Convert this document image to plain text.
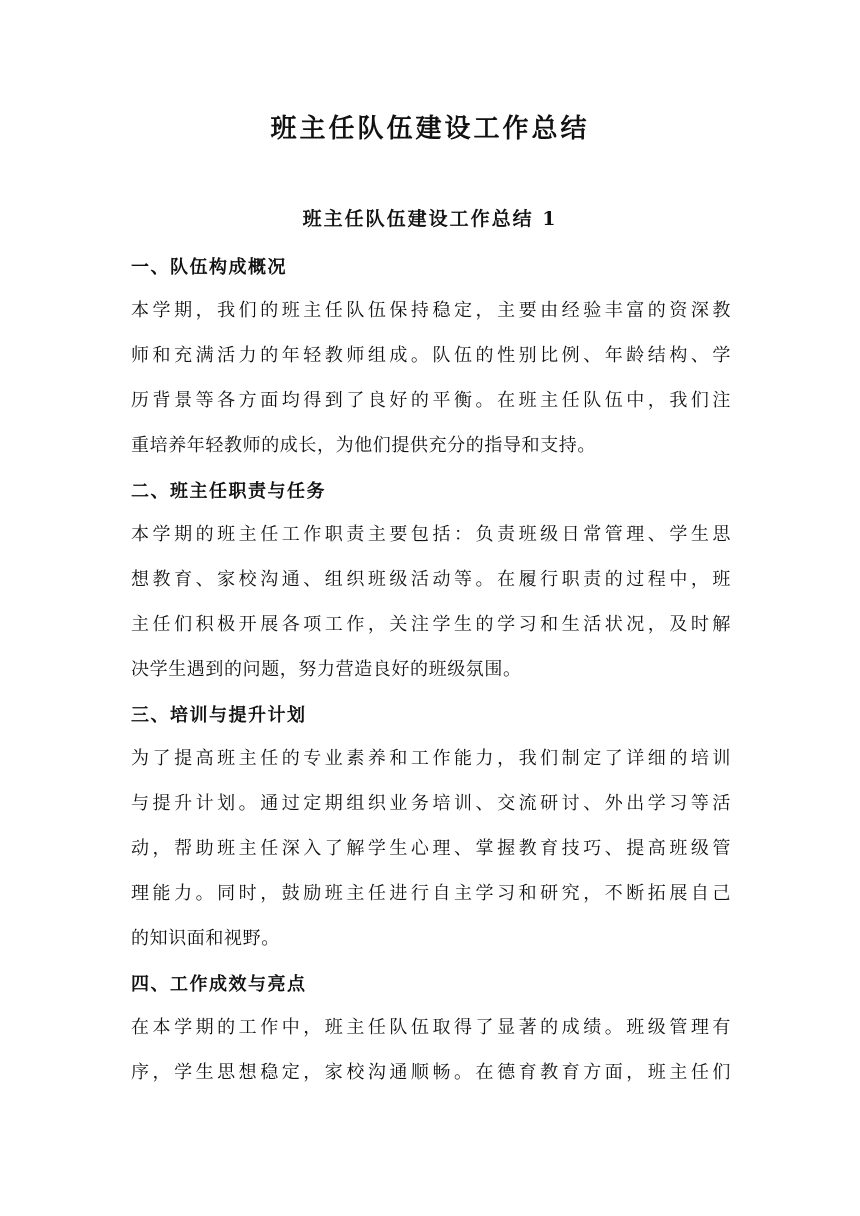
班主任队伍建设工作总结
班主任队伍建设工作总结 1
一、队伍构成概况
本学期，我们的班主任队伍保持稳定，主要由经验丰富的资深教
师和充满活力的年轻教师组成。队伍的性别比例、年龄结构、学
历背景等各方面均得到了良好的平衡。在班主任队伍中，我们注
重培养年轻教师的成长，为他们提供充分的指导和支持。
二、班主任职责与任务
本学期的班主任工作职责主要包括：负责班级日常管理、学生思
想教育、家校沟通、组织班级活动等。在履行职责的过程中，班
主任们积极开展各项工作，关注学生的学习和生活状况，及时解
决学生遇到的问题，努力营造良好的班级氛围。
三、培训与提升计划
为了提高班主任的专业素养和工作能力，我们制定了详细的培训
与提升计划。通过定期组织业务培训、交流研讨、外出学习等活
动，帮助班主任深入了解学生心理、掌握教育技巧、提高班级管
理能力。同时，鼓励班主任进行自主学习和研究，不断拓展自己
的知识面和视野。
四、工作成效与亮点
在本学期的工作中，班主任队伍取得了显著的成绩。班级管理有
序，学生思想稳定，家校沟通顺畅。在德育教育方面，班主任们
